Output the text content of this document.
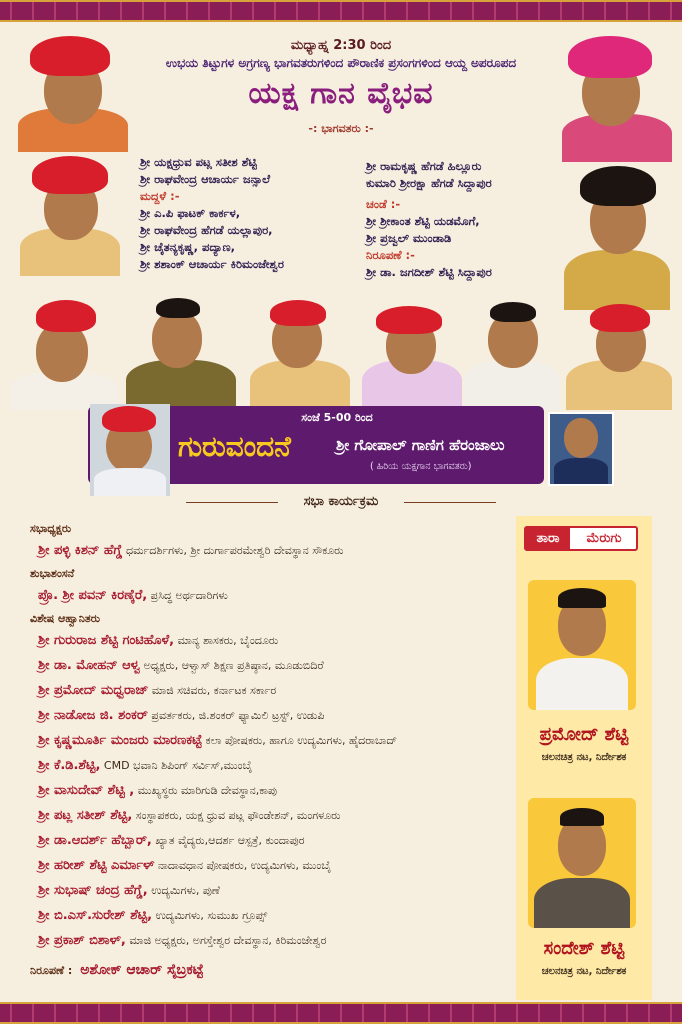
ಮಧ್ಯಾಹ್ನ 2:30 ರಿಂದ
ಉಭಯ ತಿಟ್ಟುಗಳ ಅಗ್ರಗಣ್ಯ ಭಾಗವತರುಗಳಿಂದ ಪೌರಾಣಿಕ ಪ್ರಸಂಗಗಳಿಂದ ಆಯ್ದ ಅಪರೂಪದ
ಯಕ್ಷ ಗಾನ ವೈಭವ
-: ಭಾಗವತರು :-
ಶ್ರೀ ಯಕ್ಷಧ್ರುವ ಪಟ್ಲ ಸತೀಶ ಶೆಟ್ಟಿ
ಶ್ರೀ ರಾಘವೇಂದ್ರ ಆಚಾರ್ಯ ಜನ್ಸಾಲೆ
ಮದ್ದಳೆ :-
ಶ್ರೀ ಎ.ಪಿ ಫಾಟಕ್ ಕಾರ್ಕಳ,
ಶ್ರೀ ರಾಘವೇಂದ್ರ ಹೆಗಡೆ ಯಲ್ಲಾಪುರ,
ಶ್ರೀ ಚೈತನ್ಯಕೃಷ್ಣ, ಪದ್ಯಾಣ,
ಶ್ರೀ ಶಶಾಂಕ್ ಆಚಾರ್ಯ ಕಿರಿಮಂಜೇಶ್ವರ
ಶ್ರೀ ರಾಮಕೃಷ್ಣ ಹೆಗಡೆ ಹಿಲ್ಲೂರು
ಕುಮಾರಿ ಶ್ರೀರಕ್ಷಾ ಹೆಗಡೆ ಸಿದ್ದಾಪುರ
ಚಂಡೆ :-
ಶ್ರೀ ಶ್ರೀಕಾಂತ ಶೆಟ್ಟಿ ಯಡಮೊಗೆ,
ಶ್ರೀ ಪ್ರಜ್ವಲ್ ಮುಂಡಾಡಿ
ನಿರೂಪಣೆ :-
ಶ್ರೀ ಡಾ. ಜಗದೀಶ್ ಶೆಟ್ಟಿ ಸಿದ್ದಾಪುರ
ಸಂಜೆ 5-00 ರಿಂದ
ಗುರುವಂದನೆ	ಶ್ರೀ ಗೋಪಾಲ್ ಗಾಣಿಗ ಹೆರಂಜಾಲು
( ಹಿರಿಯ ಯಕ್ಷಗಾನ ಭಾಗವತರು)
ಸಭಾ ಕಾರ್ಯಕ್ರಮ
ಸಭಾಧ್ಯಕ್ಷರು
ಶ್ರೀ ಪಳ್ಳಿ ಕಿಶನ್ ಹೆಗ್ಡೆ ಧರ್ಮದರ್ಶಿಗಳು, ಶ್ರೀ ದುರ್ಗಾಪರಮೇಶ್ವರಿ ದೇವಸ್ಥಾನ ಸೌಕೂರು
ಶುಭಾಶಂಸನೆ
ಪ್ರೊ. ಶ್ರೀ ಪವನ್ ಕಿರಣ್ಕೆರೆ, ಪ್ರಸಿದ್ಧ ಅರ್ಥದಾರಿಗಳು
ವಿಶೇಷ ಆಹ್ವಾನಿತರು
ಶ್ರೀ ಗುರುರಾಜ ಶೆಟ್ಟಿ ಗಂಟಿಹೊಳೆ, ಮಾನ್ಯ ಶಾಸಕರು, ಬೈಂದೂರು
ಶ್ರೀ ಡಾ. ಮೋಹನ್ ಆಳ್ವ ಅಧ್ಯಕ್ಷರು, ಆಳ್ವಾಸ್ ಶಿಕ್ಷಣ ಪ್ರತಿಷ್ಠಾನ, ಮೂಡುಬಿದಿರೆ
ಶ್ರೀ ಪ್ರಮೋದ್ ಮಧ್ವರಾಜ್ ಮಾಜಿ ಸಚಿವರು, ಕರ್ನಾಟಕ ಸರ್ಕಾರ
ಶ್ರೀ ನಾಡೋಜ ಜಿ. ಶಂಕರ್ ಪ್ರವರ್ತಕರು, ಜಿ.ಶಂಕರ್ ಫ್ಯಾಮಿಲಿ ಟ್ರಸ್ಟ್, ಉಡುಪಿ
ಶ್ರೀ ಕೃಷ್ಣಮೂರ್ತಿ ಮಂಜರು ಮಾರಣಕಟ್ಟೆ ಕಲಾ ಪೋಷಕರು, ಹಾಗೂ ಉದ್ಯಮಿಗಳು, ಹೈದರಾಬಾದ್
ಶ್ರೀ ಕೆ.ಡಿ.ಶೆಟ್ಟಿ, CMD ಭವಾನಿ ಶಿಪಿಂಗ್ ಸರ್ವಿಸ್,ಮುಂಬೈ
ಶ್ರೀ ವಾಸುದೇವ್ ಶೆಟ್ಟಿ , ಮುಖ್ಯಸ್ಥರು ಮಾರಿಗುಡಿ ದೇವಸ್ಥಾನ,ಕಾಪು
ಶ್ರೀ ಪಟ್ಲ ಸತೀಶ್ ಶೆಟ್ಟಿ, ಸಂಸ್ಥಾಪಕರು, ಯಕ್ಷ ಧ್ರುವ ಪಟ್ಲ ಫೌಂಡೇಶನ್, ಮಂಗಳೂರು
ಶ್ರೀ ಡಾ.ಆದರ್ಶ್ ಹೆಬ್ಬಾರ್, ಖ್ಯಾತ ವೈದ್ಯರು,ಆದರ್ಶ ಆಸ್ಪತ್ರೆ, ಕುಂದಾಪುರ
ಶ್ರೀ ಹರೀಶ್ ಶೆಟ್ಟಿ ಎರ್ಮಾಳ್ ನಾದಾವಧಾನ ಪೋಷಕರು, ಉದ್ಯಮಿಗಳು, ಮುಂಬೈ
ಶ್ರೀ ಸುಭಾಷ್ ಚಂದ್ರ ಹೆಗ್ಡೆ, ಉದ್ಯಮಿಗಳು, ಪುಣೆ
ಶ್ರೀ ಬಿ.ಎಸ್.ಸುರೇಶ್ ಶೆಟ್ಟಿ, ಉದ್ಯಮಿಗಳು, ಸುಮುಖ ಗ್ರೂಪ್ಸ್
ಶ್ರೀ ಪ್ರಕಾಶ್ ಬಿಶಾಳ್, ಮಾಜಿ ಅಧ್ಯಕ್ಷರು, ಅಗಸ್ತೇಶ್ವರ ದೇವಸ್ಥಾನ, ಕಿರಿಮಂಜೇಶ್ವರ
ನಿರೂಪಣೆ : ಅಶೋಕ್ ಆಚಾರ್ ಸೈಬ್ರಕಟ್ಟೆ
ತಾರಾ	ಮೆರುಗು
ಪ್ರಮೋದ್ ಶೆಟ್ಟಿ
ಚಲನಚಿತ್ರ ನಟ, ನಿರ್ದೇಶಕ
ಸಂದೇಶ್ ಶೆಟ್ಟಿ
ಚಲನಚಿತ್ರ ನಟ, ನಿರ್ದೇಶಕ
